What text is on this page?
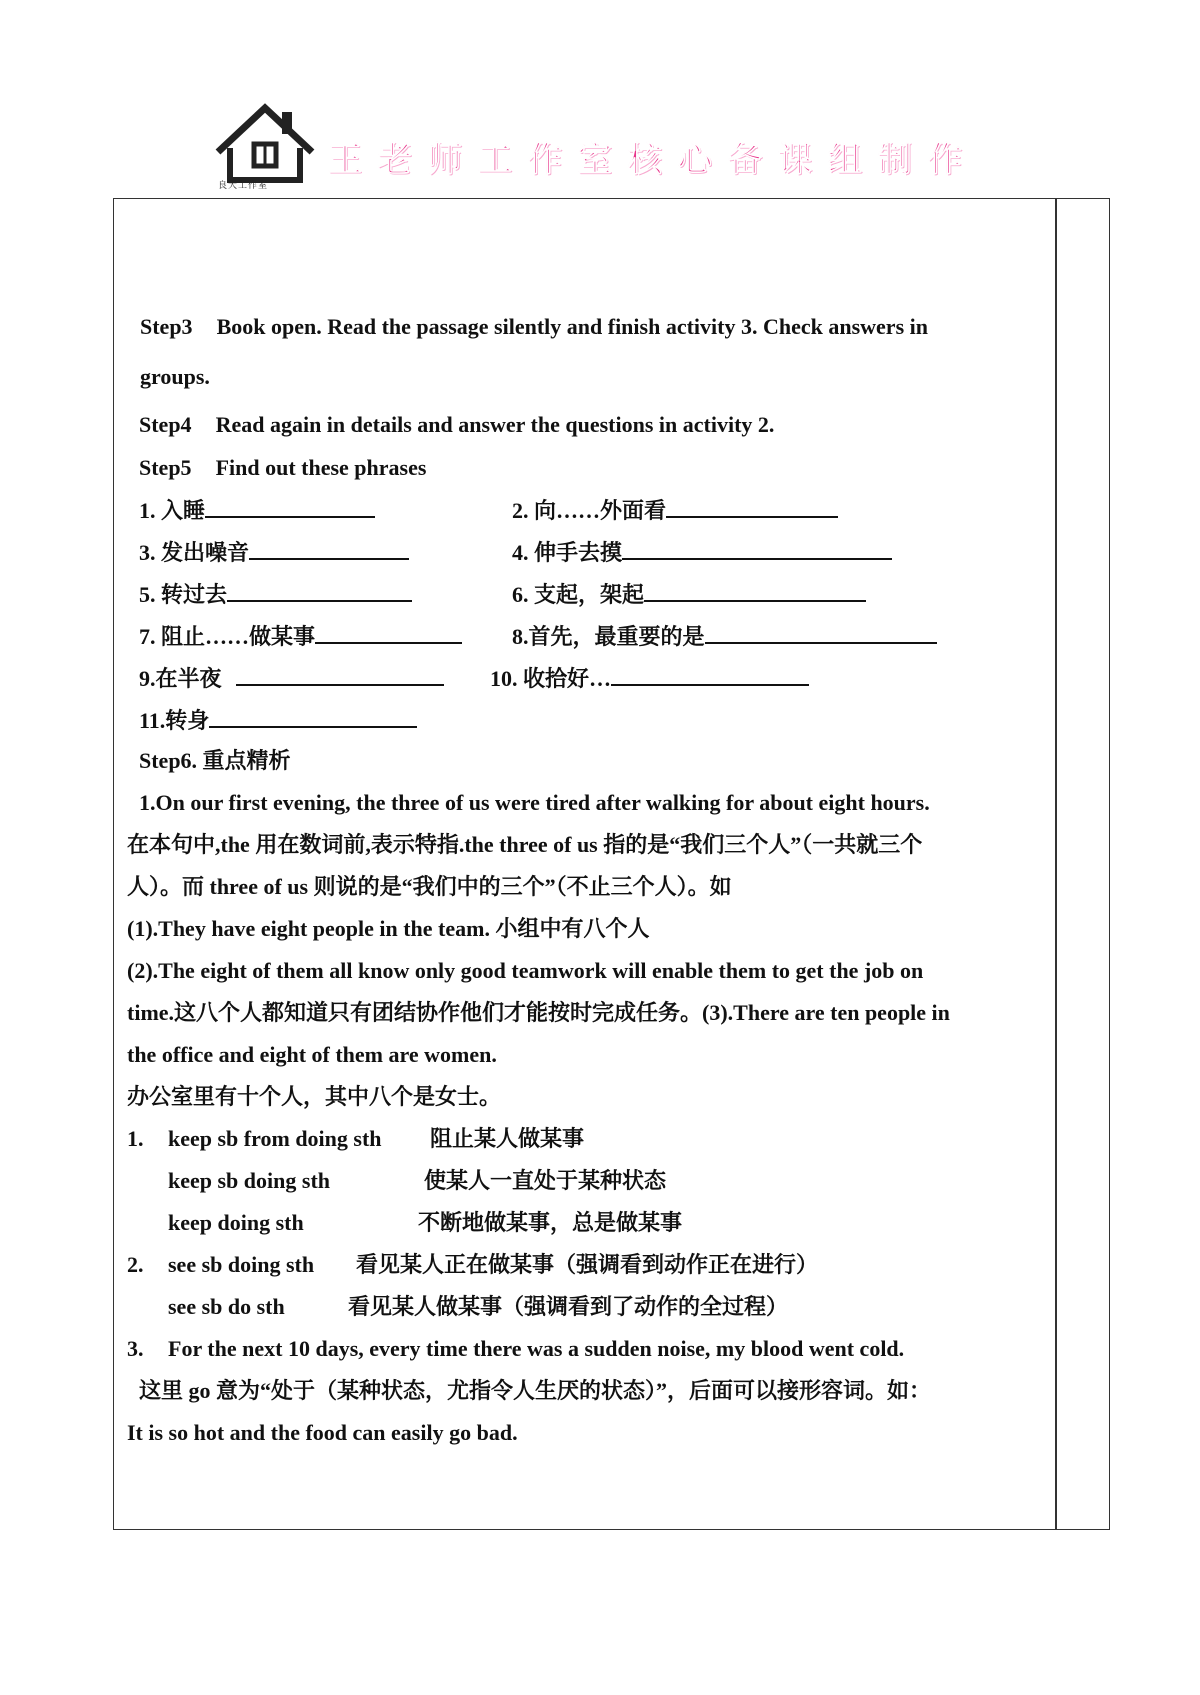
良大工作室
王老师工作室核心备课组制作
Step3 Book open. Read the passage silently and finish activity 3. Check answers in
groups.
Step4 Read again in details and answer the questions in activity 2.
Step5 Find out these phrases
1. 入睡	2. 向……外面看
3. 发出噪音	4. 伸手去摸
5. 转过去	6. 支起，架起
7. 阻止……做某事	8.首先，最重要的是
9.在半夜	10. 收拾好…
11.转身
Step6. 重点精析
1.On our first evening, the three of us were tired after walking for about eight hours.
在本句中,the 用在数词前,表示特指.the three of us 指的是“我们三个人”（一共就三个
人）。而 three of us 则说的是“我们中的三个”（不止三个人）。如
(1).They have eight people in the team. 小组中有八个人
(2).The eight of them all know only good teamwork will enable them to get the job on
time.这八个人都知道只有团结协作他们才能按时完成任务。(3).There are ten people in
the office and eight of them are women.
办公室里有十个人，其中八个是女士。
1. keep sb from doing sth 阻止某人做某事
keep sb doing sth	使某人一直处于某种状态
keep doing sth	不断地做某事，总是做某事
2. see sb doing sth 看见某人正在做某事（强调看到动作正在进行）
see sb do sth	看见某人做某事（强调看到了动作的全过程）
3. For the next 10 days, every time there was a sudden noise, my blood went cold.
这里 go 意为“处于（某种状态，尤指令人生厌的状态）”，后面可以接形容词。如：
It is so hot and the food can easily go bad.
